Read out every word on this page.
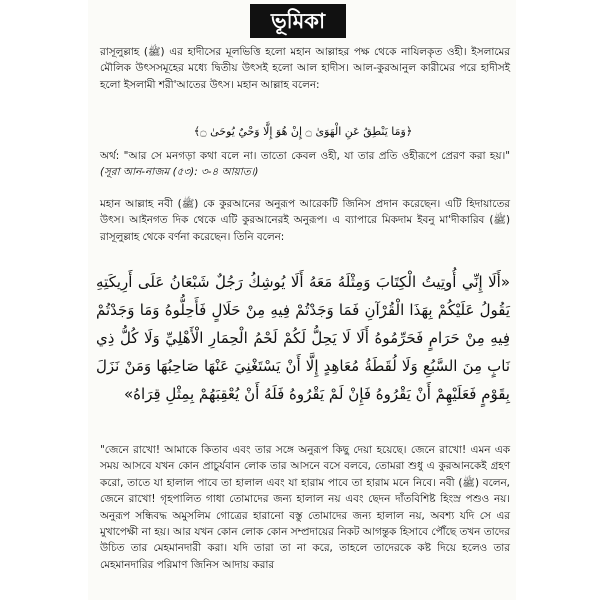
ভূমিকা

রাসূলুল্লাহ (ﷺ) এর হাদীসের মূলভিত্তি হলো মহান আল্লাহর পক্ষ থেকে নাযিলকৃত ওহী। ইসলামের মৌলিক উৎসসমূহের মধ্যে দ্বিতীয় উৎসই হলো আল হাদীস। আল-কুরআনুল কারীমের পরে হাদীসই হলো ইসলামী শরী'আতের উৎস। মহান আল্লাহ বলেন:

﴿وَمَا يَنْطِقُ عَنِ الْهَوَىٰ ۝ إِنْ هُوَ إِلَّا وَحْيٌ يُوحَىٰ ۝﴾

অর্থ: "আর সে মনগড়া কথা বলে না। তাতো কেবল ওহী, যা তার প্রতি ওহীরূপে প্রেরণ করা হয়।" (সূরা আন-নাজম (৫৩): ৩-৪ আয়াত।)

মহান আল্লাহ নবী (ﷺ) কে কুরআনের অনুরূপ আরেকটি জিনিস প্রদান করেছেন। এটি হিদায়াতের উৎস। আইনগত দিক থেকে এটি কুরআনেরই অনুরূপ। এ ব্যাপারে মিকদাম ইবনু মা'দীকারিব (ﷺ) রাসূলুল্লাহ থেকে বর্ণনা করেছেন। তিনি বলেন:

«أَلَا إِنِّي أُوتِيتُ الْكِتَابَ وَمِثْلَهُ مَعَهُ أَلَا يُوشِكُ رَجُلٌ شَبْعَانُ عَلَى أَرِيكَتِهِ يَقُولُ عَلَيْكُمْ بِهَذَا الْقُرْآنِ فَمَا وَجَدْتُمْ فِيهِ مِنْ حَلَالٍ فَأَحِلُّوهُ وَمَا وَجَدْتُمْ فِيهِ مِنْ حَرَامٍ فَحَرِّمُوهُ أَلَا لَا يَحِلُّ لَكُمْ لَحْمُ الْحِمَارِ الْأَهْلِيِّ وَلَا كُلُّ ذِي نَابٍ مِنَ السَّبُعِ وَلَا لُقَطَةُ مُعَاهِدٍ إِلَّا أَنْ يَسْتَغْنِيَ عَنْهَا صَاحِبُهَا وَمَنْ نَزَلَ بِقَوْمٍ فَعَلَيْهِمْ أَنْ يَقْرُوهُ فَإِنْ لَمْ يَقْرُوهُ فَلَهُ أَنْ يُعْقِبَهُمْ بِمِثْلِ قِرَاهُ»

"জেনে রাখো! আমাকে কিতাব এবং তার সঙ্গে অনুরূপ কিছু দেয়া হয়েছে। জেনে রাখো! এমন এক সময় আসবে যখন কোন প্রাচুর্যবান লোক তার আসনে বসে বলবে, তোমরা শুধু এ কুরআনকেই গ্রহণ করো, তাতে যা হালাল পাবে তা হালাল এবং যা হারাম পাবে তা হারাম মনে নিবে। নবী (ﷺ) বলেন, জেনে রাখো! গৃহপালিত গাধা তোমাদের জন্য হালাল নয় এবং ছেদন দাঁতবিশিষ্ট হিংস্র পশুও নয়। অনুরূপ সন্ধিবদ্ধ অমুসলিম গোত্রের হারানো বস্তু তোমাদের জন্য হালাল নয়, অবশ্য যদি সে এর মুখাপেক্ষী না হয়। আর যখন কোন লোক কোন সম্প্রদায়ের নিকট আগন্তুক হিসাবে পৌঁছে তখন তাদের উচিত তার মেহমানদারী করা। যদি তারা তা না করে, তাহলে তাদেরকে কষ্ট দিয়ে হলেও তার মেহমানদারির পরিমাণ জিনিস আদায় করার
